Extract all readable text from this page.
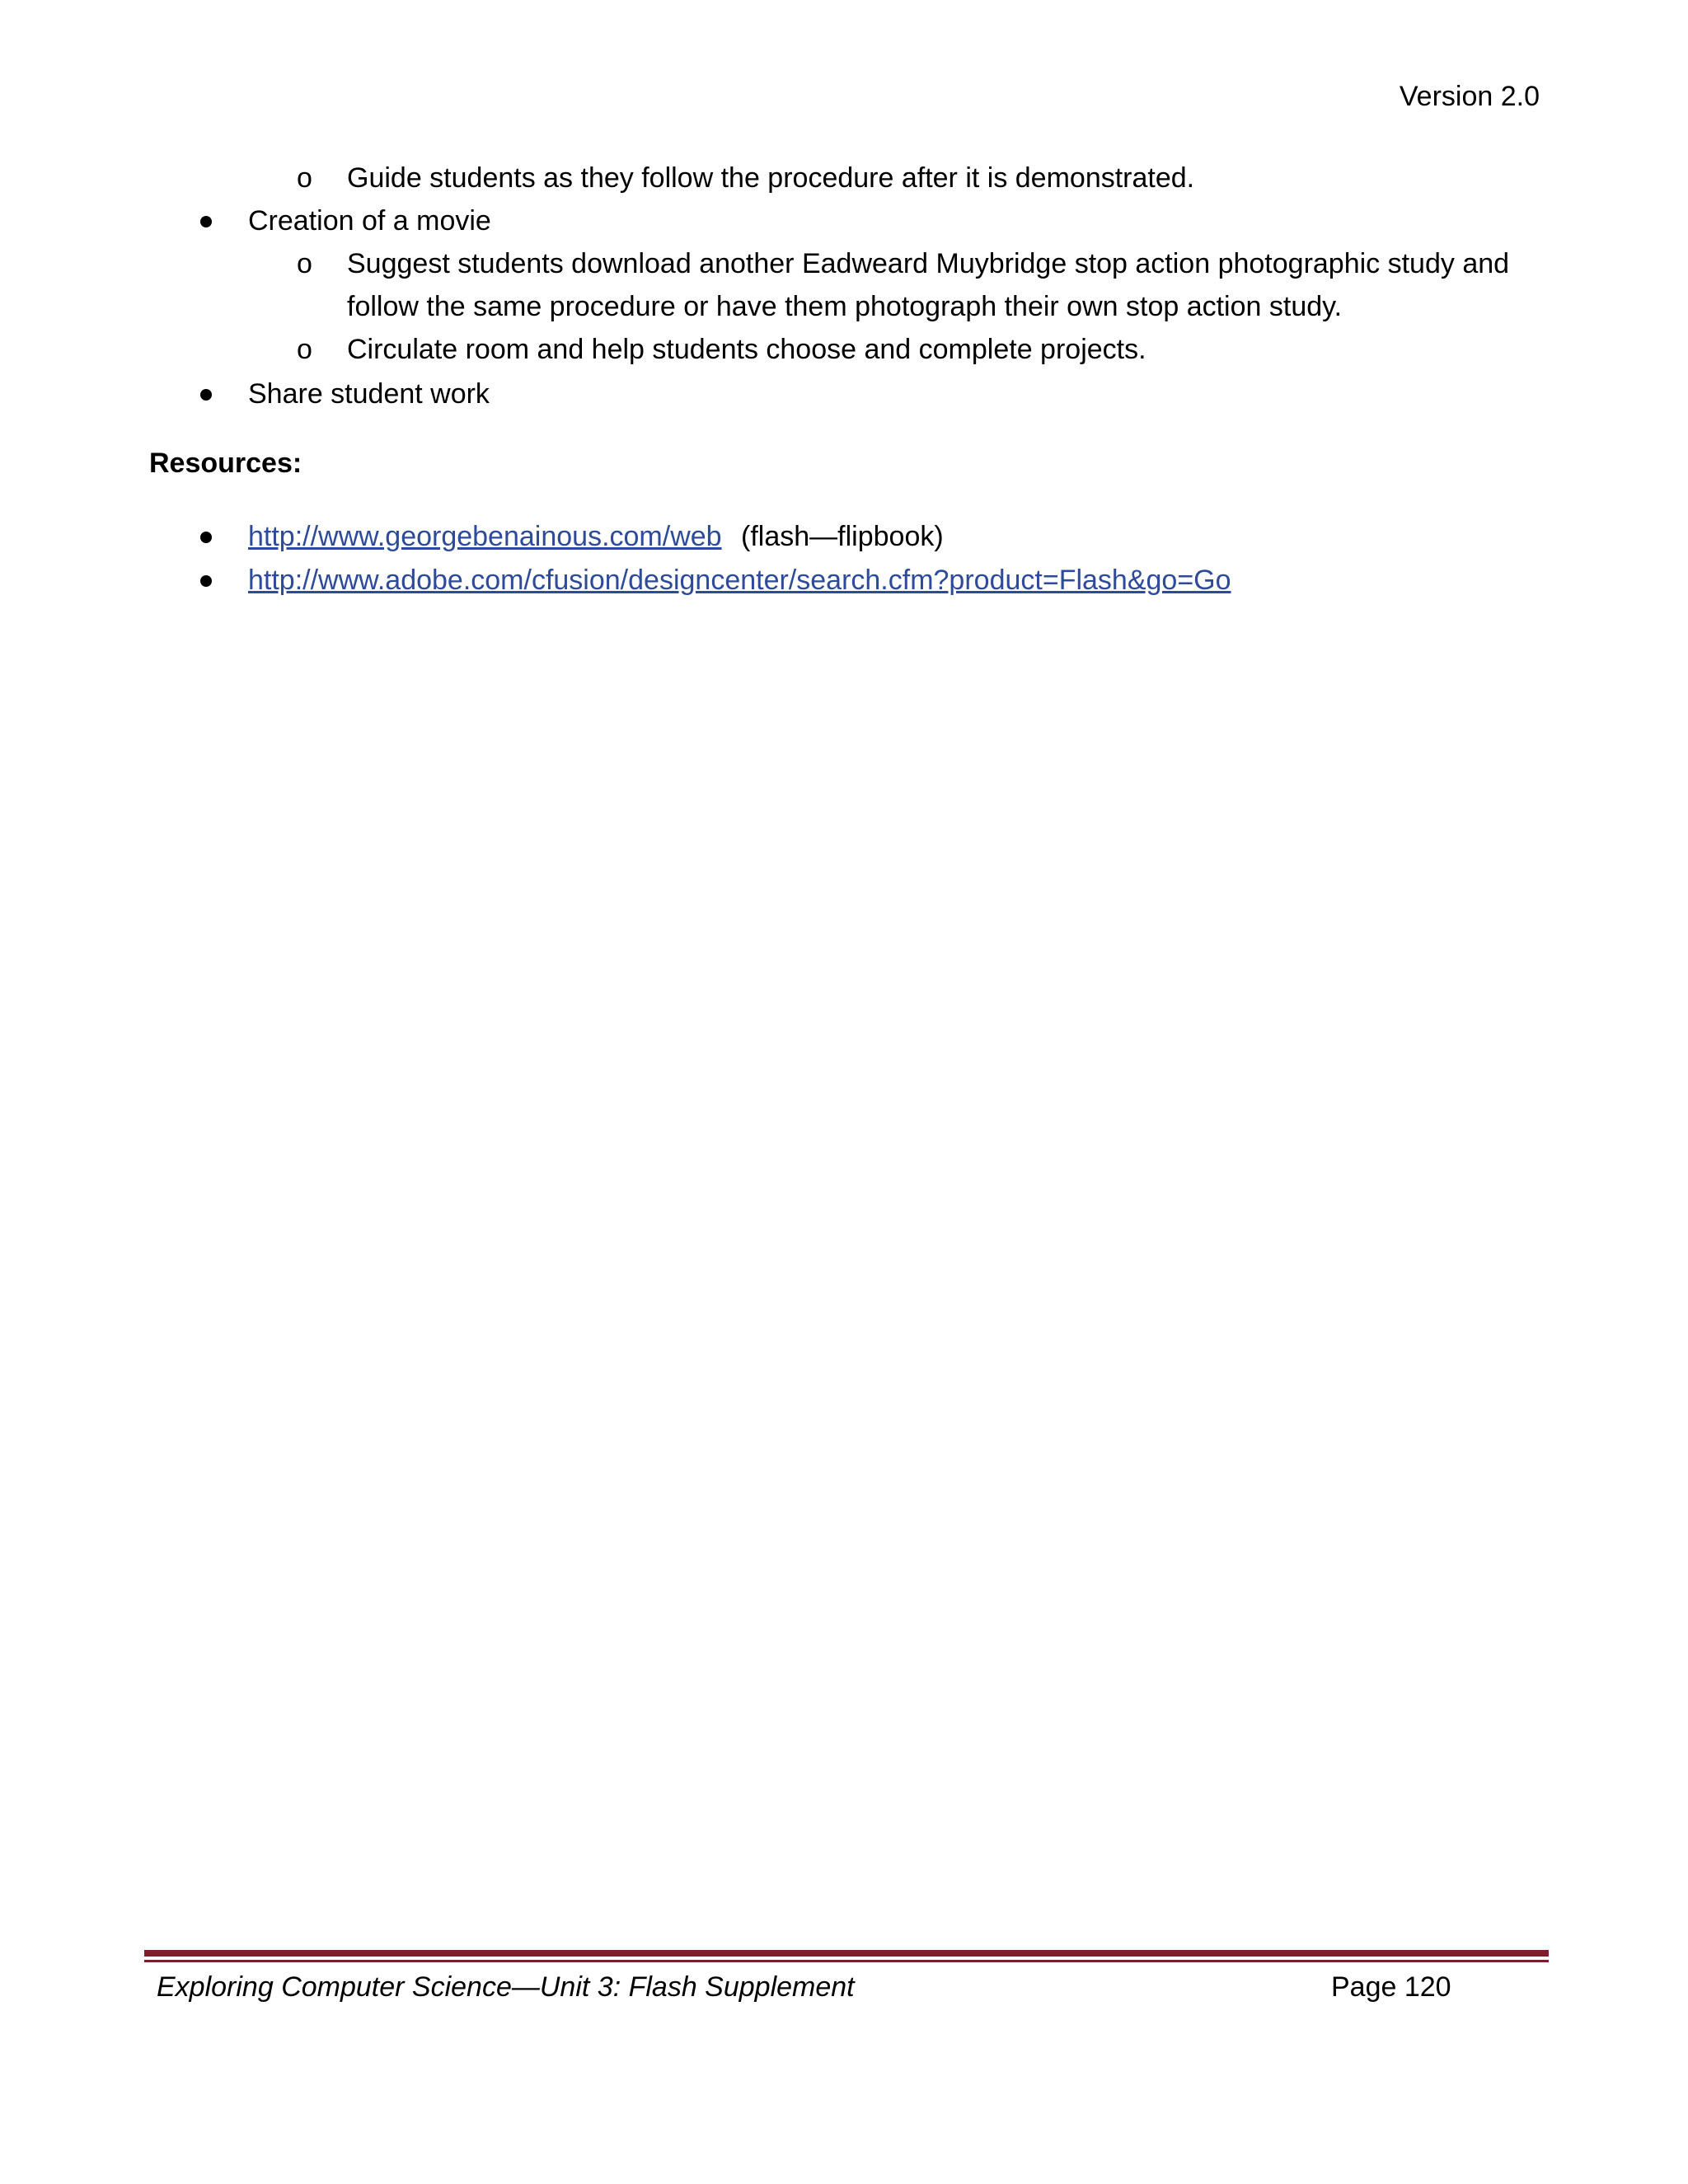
Version 2.0
o Guide students as they follow the procedure after it is demonstrated.
Creation of a movie
o Suggest students download another Eadweard Muybridge stop action photographic study and
follow the same procedure or have them photograph their own stop action study.
o Circulate room and help students choose and complete projects.
Share student work
Resources:
http://www.georgebenainous.com/web (flash—flipbook)
http://www.adobe.com/cfusion/designcenter/search.cfm?product=Flash&go=Go
Exploring Computer Science—Unit 3: Flash Supplement	Page 120
